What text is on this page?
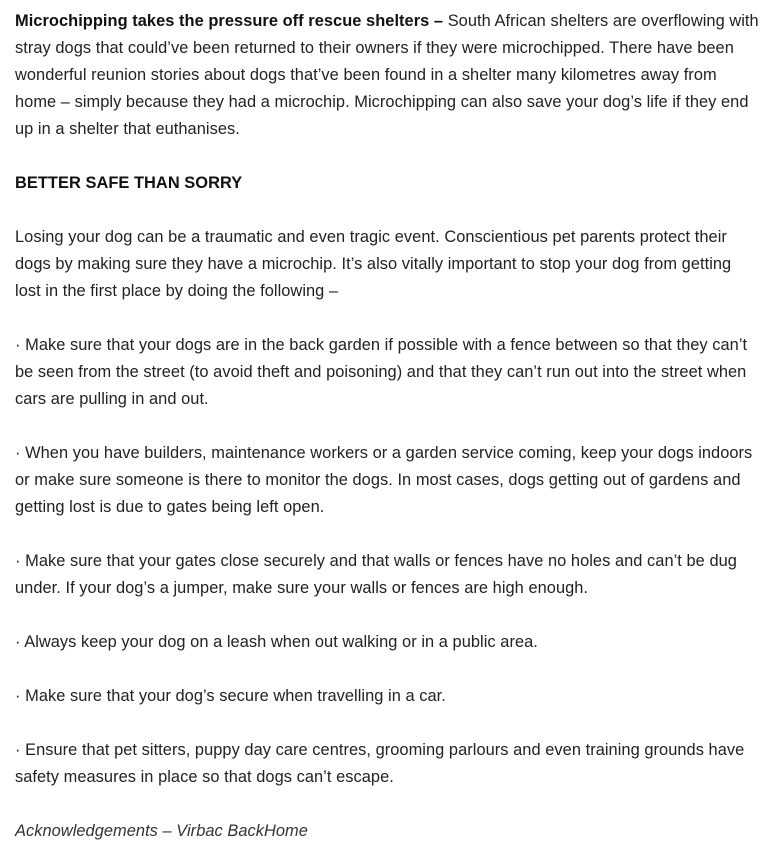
Microchipping takes the pressure off rescue shelters – South African shelters are overflowing with stray dogs that could’ve been returned to their owners if they were microchipped. There have been wonderful reunion stories about dogs that’ve been found in a shelter many kilometres away from home – simply because they had a microchip. Microchipping can also save your dog’s life if they end up in a shelter that euthanises.

BETTER SAFE THAN SORRY

Losing your dog can be a traumatic and even tragic event. Conscientious pet parents protect their dogs by making sure they have a microchip. It’s also vitally important to stop your dog from getting lost in the first place by doing the following –

· Make sure that your dogs are in the back garden if possible with a fence between so that they can’t be seen from the street (to avoid theft and poisoning) and that they can’t run out into the street when cars are pulling in and out.

· When you have builders, maintenance workers or a garden service coming, keep your dogs indoors or make sure someone is there to monitor the dogs. In most cases, dogs getting out of gardens and getting lost is due to gates being left open.

· Make sure that your gates close securely and that walls or fences have no holes and can’t be dug under. If your dog’s a jumper, make sure your walls or fences are high enough.

· Always keep your dog on a leash when out walking or in a public area.

· Make sure that your dog’s secure when travelling in a car.

· Ensure that pet sitters, puppy day care centres, grooming parlours and even training grounds have safety measures in place so that dogs can’t escape.

Acknowledgements – Virbac BackHome
